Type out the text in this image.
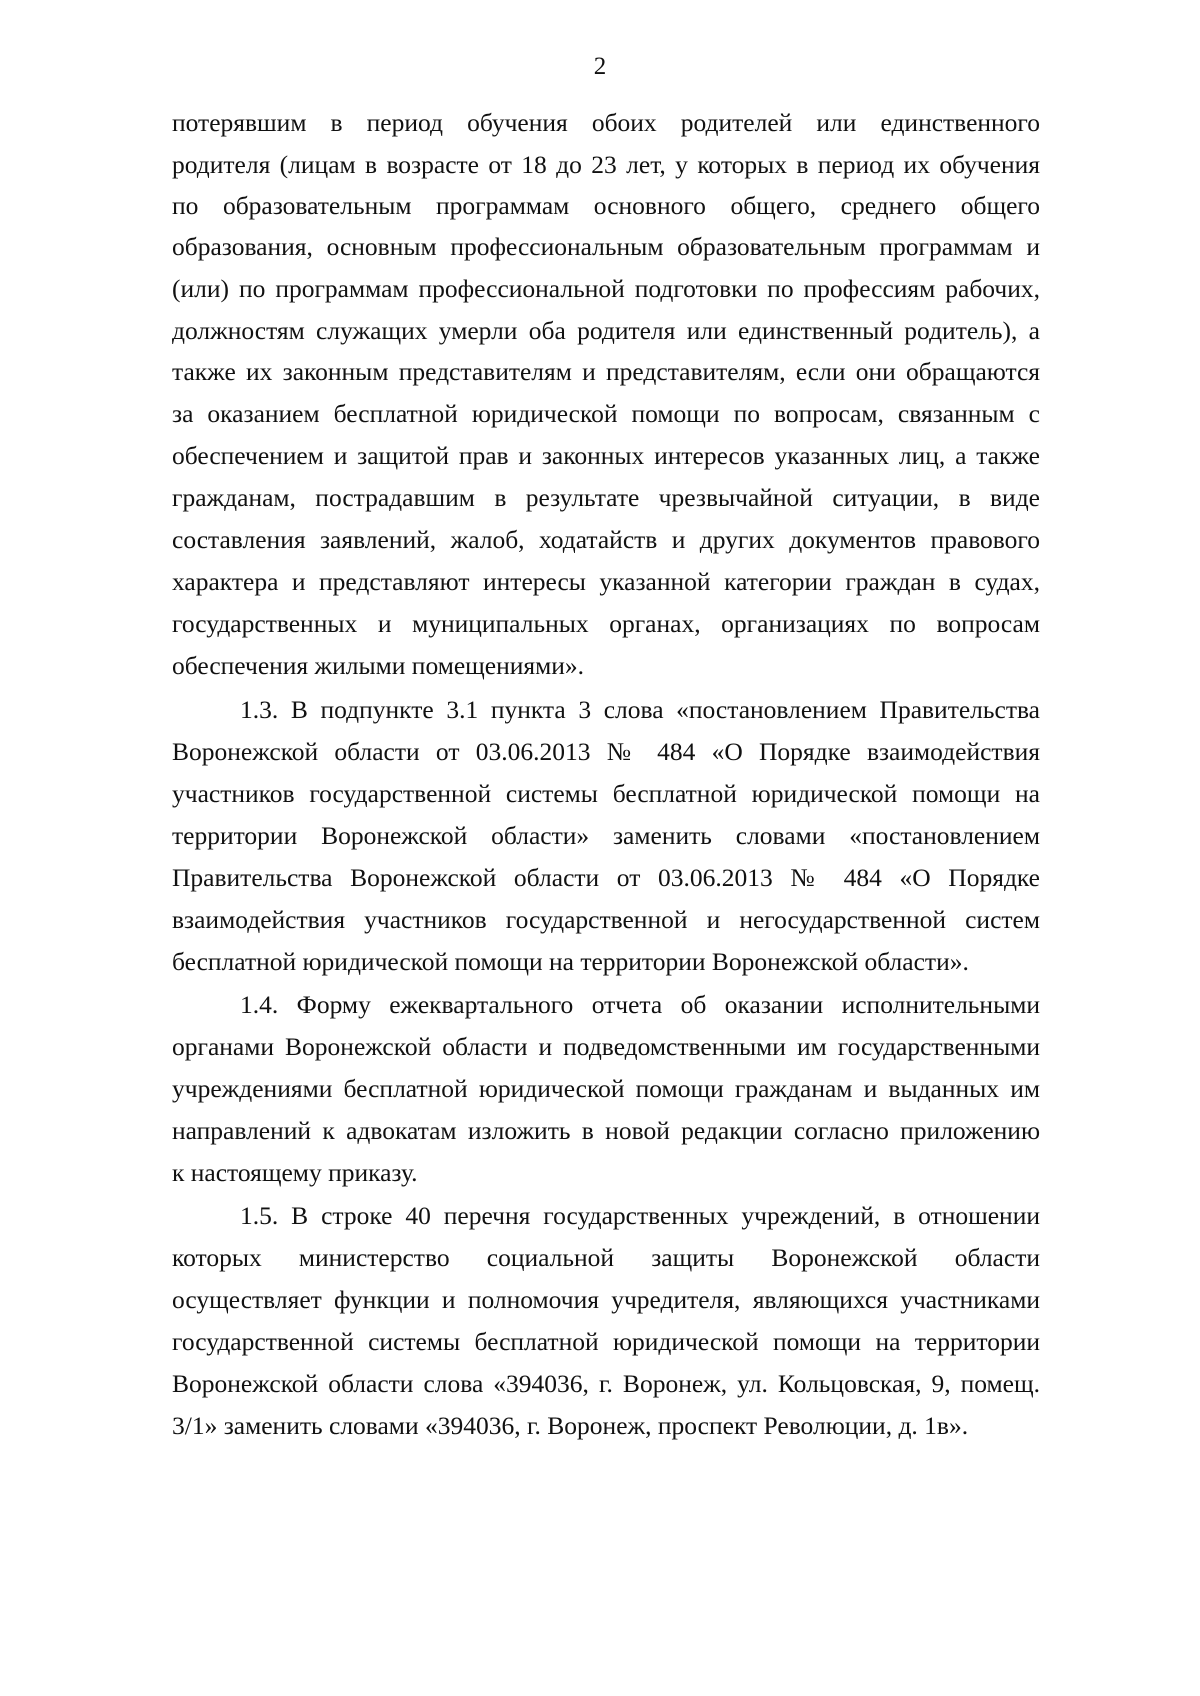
2
потерявшим в период обучения обоих родителей или единственного
родителя (лицам в возрасте от 18 до 23 лет, у которых в период их обучения
по образовательным программам основного общего, среднего общего
образования, основным профессиональным образовательным программам и
(или) по программам профессиональной подготовки по профессиям рабочих,
должностям служащих умерли оба родителя или единственный родитель), а
также их законным представителям и представителям, если они обращаются
за оказанием бесплатной юридической помощи по вопросам, связанным с
обеспечением и защитой прав и законных интересов указанных лиц, а также
гражданам, пострадавшим в результате чрезвычайной ситуации, в виде
составления заявлений, жалоб, ходатайств и других документов правового
характера и представляют интересы указанной категории граждан в судах,
государственных и муниципальных органах, организациях по вопросам
обеспечения жилыми помещениями».
1.3. В подпункте 3.1 пункта 3 слова «постановлением Правительства
Воронежской области от 03.06.2013 № 484 «О Порядке взаимодействия
участников государственной системы бесплатной юридической помощи на
территории Воронежской области» заменить словами «постановлением
Правительства Воронежской области от 03.06.2013 № 484 «О Порядке
взаимодействия участников государственной и негосударственной систем
бесплатной юридической помощи на территории Воронежской области».
1.4. Форму ежеквартального отчета об оказании исполнительными
органами Воронежской области и подведомственными им государственными
учреждениями бесплатной юридической помощи гражданам и выданных им
направлений к адвокатам изложить в новой редакции согласно приложению
к настоящему приказу.
1.5. В строке 40 перечня государственных учреждений, в отношении
которых министерство социальной защиты Воронежской области
осуществляет функции и полномочия учредителя, являющихся участниками
государственной системы бесплатной юридической помощи на территории
Воронежской области слова «394036, г. Воронеж, ул. Кольцовская, 9, помещ.
3/1» заменить словами «394036, г. Воронеж, проспект Революции, д. 1в».
